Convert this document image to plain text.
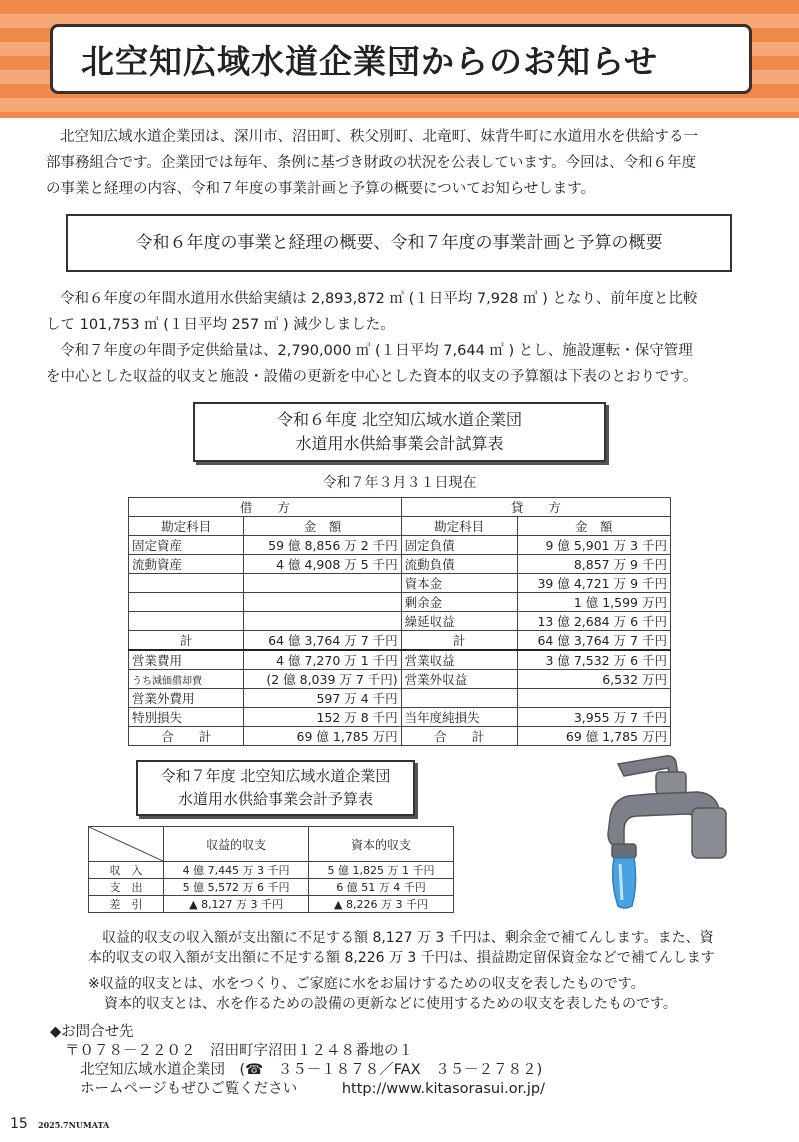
北空知広域水道企業団からのお知らせ
北空知広域水道企業団は、深川市、沼田町、秩父別町、北竜町、妹背牛町に水道用水を供給する一
部事務組合です。企業団では毎年、条例に基づき財政の状況を公表しています。今回は、令和６年度
の事業と経理の内容、令和７年度の事業計画と予算の概要についてお知らせします。
令和６年度の事業と経理の概要、令和７年度の事業計画と予算の概要
令和６年度の年間水道用水供給実績は 2,893,872 ㎥ (１日平均 7,928 ㎥ ) となり、前年度と比較
して 101,753 ㎥ (１日平均 257 ㎥ ) 減少しました。
令和７年度の年間予定供給量は、2,790,000 ㎥ (１日平均 7,644 ㎥ ) とし、施設運転・保守管理
を中心とした収益的収支と施設・設備の更新を中心とした資本的収支の予算額は下表のとおりです。
令和６年度 北空知広域水道企業団
水道用水供給事業会計試算表
令和７年３月３１日現在
借　　方		貸　　方	
勘定科目	金　額	勘定科目	金　額
固定資産	59 億 8,856 万 2 千円	固定負債	9 億 5,901 万 3 千円
流動資産	4 億 4,908 万 5 千円	流動負債	8,857 万 9 千円
		資本金	39 億 4,721 万 9 千円
		剰余金	1 億 1,599 万円
		繰延収益	13 億 2,684 万 6 千円
計	64 億 3,764 万 7 千円	計	64 億 3,764 万 7 千円
営業費用	4 億 7,270 万 1 千円	営業収益	3 億 7,532 万 6 千円
うち減価償却費	(2 億 8,039 万 7 千円)	営業外収益	6,532 万円
営業外費用	597 万 4 千円		
特別損失	152 万 8 千円	当年度純損失	3,955 万 7 千円
合　　計	69 億 1,785 万円	合　　計	69 億 1,785 万円
令和７年度 北空知広域水道企業団
水道用水供給事業会計予算表
	収益的収支	資本的収支
収　入	4 億 7,445 万 3 千円	5 億 1,825 万 1 千円
支　出	5 億 5,572 万 6 千円	6 億 51 万 4 千円
差　引	▲ 8,127 万 3 千円	▲ 8,226 万 3 千円
収益的収支の収入額が支出額に不足する額 8,127 万 3 千円は、剰余金で補てんします。また、資
本的収支の収入額が支出額に不足する額 8,226 万 3 千円は、損益勘定留保資金などで補てんします
※収益的収支とは、水をつくり、ご家庭に水をお届けするための収支を表したものです。
資本的収支とは、水を作るための設備の更新などに使用するための収支を表したものです。
◆お問合せ先
〒０７８－２２０２　沼田町字沼田１２４８番地の１
北空知広域水道企業団　(☎　３５－１８７８／FAX　３５－２７８２)
ホームページもぜひご覧ください	http://www.kitasorasui.or.jp/
15 2025.7NUMATA
